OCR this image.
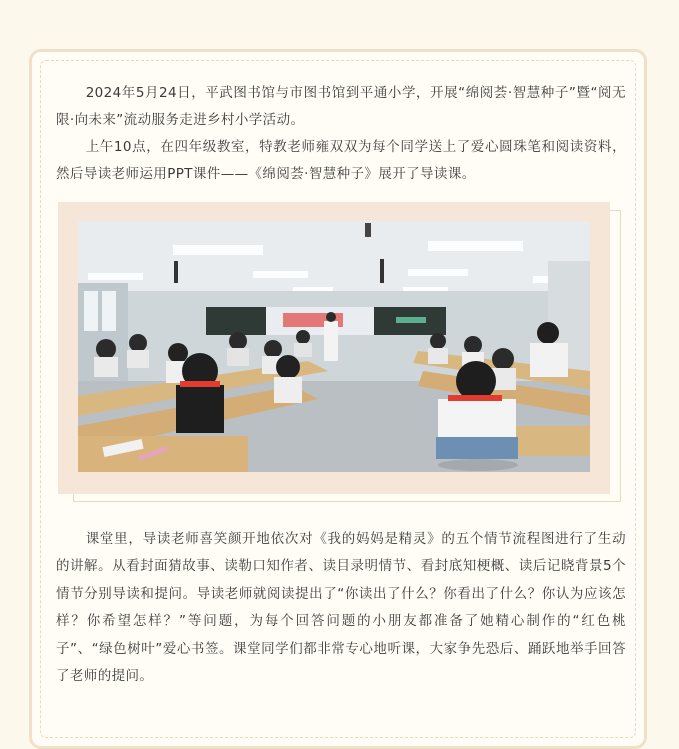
2024年5月24日，平武图书馆与市图书馆到平通小学，开展“绵阅荟·智慧种子”暨“阅无限·向未来”流动服务走进乡村小学活动。

上午10点，在四年级教室，特教老师雍双双为每个同学送上了爱心圆珠笔和阅读资料，然后导读老师运用PPT课件——《绵阅荟·智慧种子》展开了导读课。

课堂里，导读老师喜笑颜开地依次对《我的妈妈是精灵》的五个情节流程图进行了生动的讲解。从看封面猜故事、读勒口知作者、读目录明情节、看封底知梗概、读后记晓背景5个情节分别导读和提问。导读老师就阅读提出了“你读出了什么？你看出了什么？你认为应该怎样？你希望怎样？”等问题，为每个回答问题的小朋友都准备了她精心制作的“红色桃子”、“绿色树叶”爱心书签。课堂同学们都非常专心地听课，大家争先恐后、踊跃地举手回答了老师的提问。
